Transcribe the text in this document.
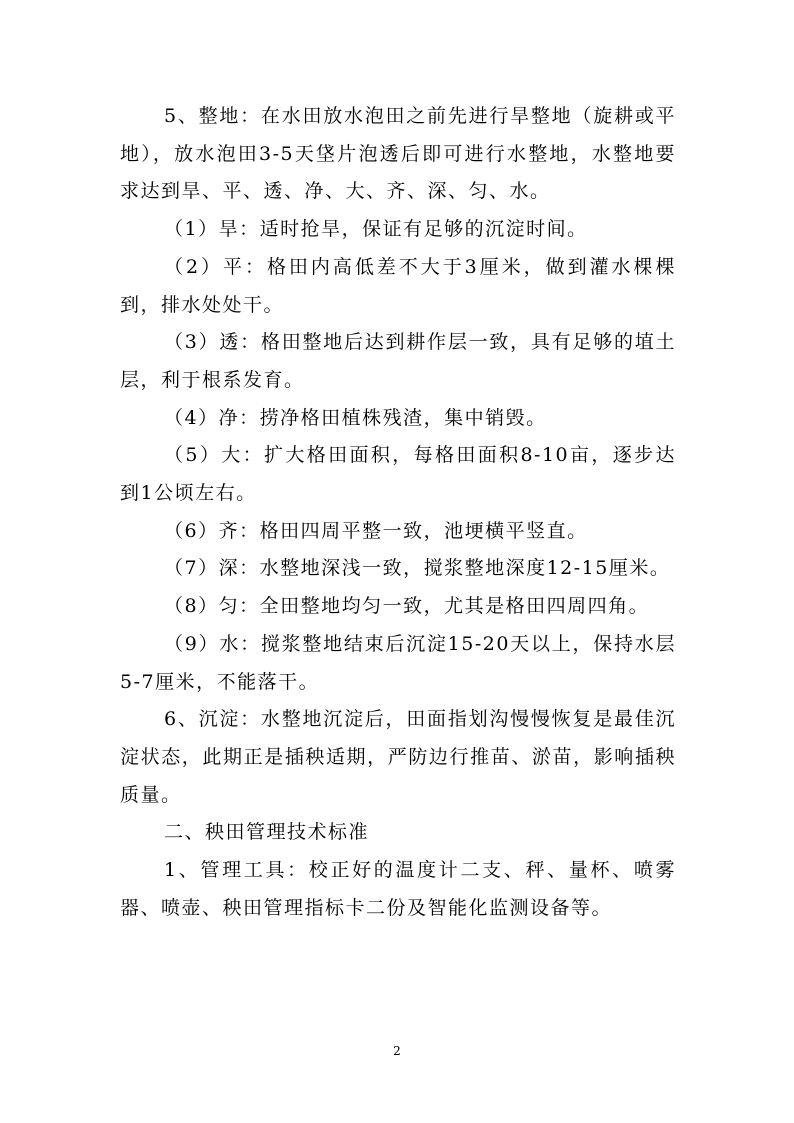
5、整地：在水田放水泡田之前先进行旱整地（旋耕或平地），放水泡田3-5天垡片泡透后即可进行水整地，水整地要求达到旱、平、透、净、大、齐、深、匀、水。

（1）旱：适时抢旱，保证有足够的沉淀时间。

（2）平：格田内高低差不大于3厘米，做到灌水棵棵到，排水处处干。

（3）透：格田整地后达到耕作层一致，具有足够的埴土层，利于根系发育。

（4）净：捞净格田植株残渣，集中销毁。

（5）大：扩大格田面积，每格田面积8-10亩，逐步达到1公顷左右。

（6）齐：格田四周平整一致，池埂横平竖直。

（7）深：水整地深浅一致，搅浆整地深度12-15厘米。

（8）匀：全田整地均匀一致，尤其是格田四周四角。

（9）水：搅浆整地结束后沉淀15-20天以上，保持水层5-7厘米，不能落干。

6、沉淀：水整地沉淀后，田面指划沟慢慢恢复是最佳沉淀状态，此期正是插秧适期，严防边行推苗、淤苗，影响插秧质量。

二、秧田管理技术标准

1、管理工具：校正好的温度计二支、秤、量杯、喷雾器、喷壶、秧田管理指标卡二份及智能化监测设备等。

2
